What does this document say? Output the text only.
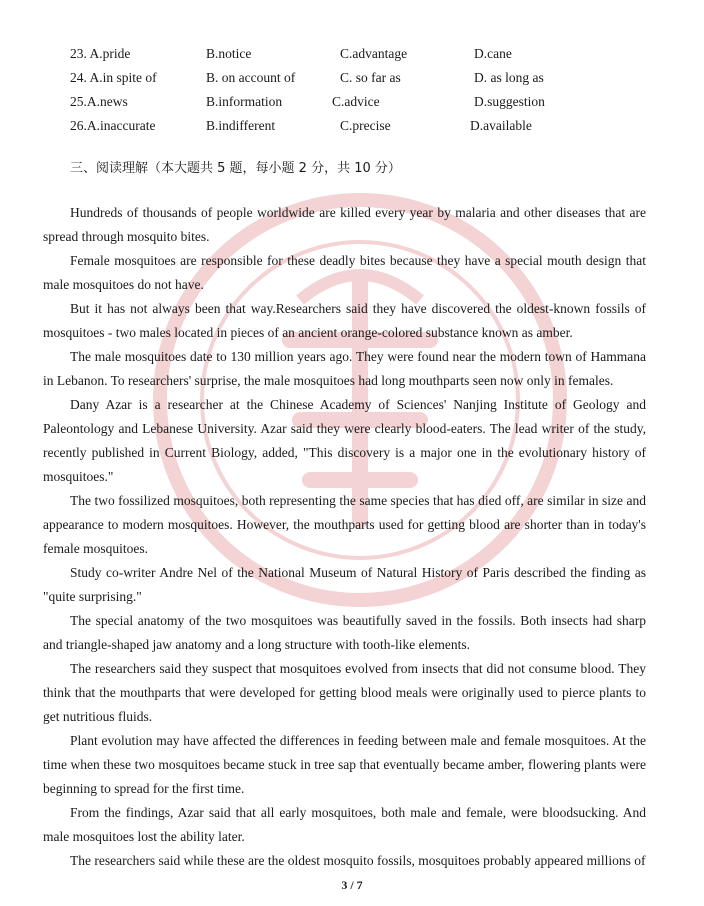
23. A.pride	B.notice	C.advantage	D.cane
24. A.in spite of	B. on account of	C. so far as	D. as long as
25.A.news	B.information	C.advice	D.suggestion
26.A.inaccurate	B.indifferent	C.precise	D.available
三、阅读理解（本大题共 5 题，每小题 2 分，共 10 分）

Hundreds of thousands of people worldwide are killed every year by malaria and other diseases that are spread through mosquito bites.

Female mosquitoes are responsible for these deadly bites because they have a special mouth design that male mosquitoes do not have.

But it has not always been that way.Researchers said they have discovered the oldest-known fossils of mosquitoes - two males located in pieces of an ancient orange-colored substance known as amber.

The male mosquitoes date to 130 million years ago. They were found near the modern town of Hammana in Lebanon. To researchers' surprise, the male mosquitoes had long mouthparts seen now only in females.

Dany Azar is a researcher at the Chinese Academy of Sciences' Nanjing Institute of Geology and Paleontology and Lebanese University. Azar said they were clearly blood-eaters. The lead writer of the study, recently published in Current Biology, added, "This discovery is a major one in the evolutionary history of mosquitoes."

The two fossilized mosquitoes, both representing the same species that has died off, are similar in size and appearance to modern mosquitoes. However, the mouthparts used for getting blood are shorter than in today's female mosquitoes.

Study co-writer Andre Nel of the National Museum of Natural History of Paris described the finding as "quite surprising."

The special anatomy of the two mosquitoes was beautifully saved in the fossils. Both insects had sharp and triangle-shaped jaw anatomy and a long structure with tooth-like elements.

The researchers said they suspect that mosquitoes evolved from insects that did not consume blood. They think that the mouthparts that were developed for getting blood meals were originally used to pierce plants to get nutritious fluids.

Plant evolution may have affected the differences in feeding between male and female mosquitoes. At the time when these two mosquitoes became stuck in tree sap that eventually became amber, flowering plants were beginning to spread for the first time.

From the findings, Azar said that all early mosquitoes, both male and female, were bloodsucking. And male mosquitoes lost the ability later.

The researchers said while these are the oldest mosquito fossils, mosquitoes probably appeared millions of

3 / 7
